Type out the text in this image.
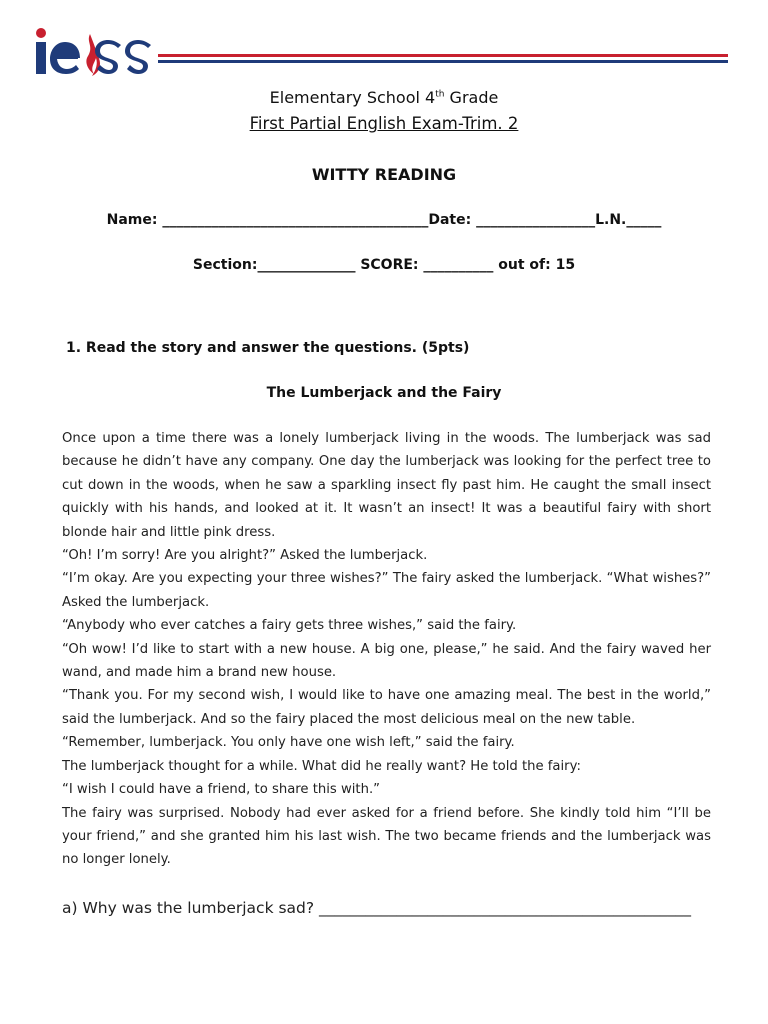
Elementary School 4th Grade
First Partial English Exam-Trim. 2
WITTY READING
Name: ______________________________________Date: _________________L.N._____
Section:______________ SCORE: __________ out of: 15
1. Read the story and answer the questions. (5pts)
The Lumberjack and the Fairy

Once upon a time there was a lonely lumberjack living in the woods. The lumberjack was sad because he didn’t have any company. One day the lumberjack was looking for the perfect tree to cut down in the woods, when he saw a sparkling insect fly past him. He caught the small insect quickly with his hands, and looked at it. It wasn’t an insect! It was a beautiful fairy with short blonde hair and little pink dress.

“Oh! I’m sorry! Are you alright?” Asked the lumberjack.

“I’m okay. Are you expecting your three wishes?” The fairy asked the lumberjack. “What wishes?” Asked the lumberjack.

“Anybody who ever catches a fairy gets three wishes,” said the fairy.

“Oh wow! I’d like to start with a new house. A big one, please,” he said. And the fairy waved her wand, and made him a brand new house.

“Thank you. For my second wish, I would like to have one amazing meal. The best in the world,” said the lumberjack. And so the fairy placed the most delicious meal on the new table.

“Remember, lumberjack. You only have one wish left,” said the fairy.

The lumberjack thought for a while. What did he really want? He told the fairy:

“I wish I could have a friend, to share this with.”

The fairy was surprised. Nobody had ever asked for a friend before. She kindly told him “I’ll be your friend,” and she granted him his last wish. The two became friends and the lumberjack was no longer lonely.

a) Why was the lumberjack sad? ________________________________________________
